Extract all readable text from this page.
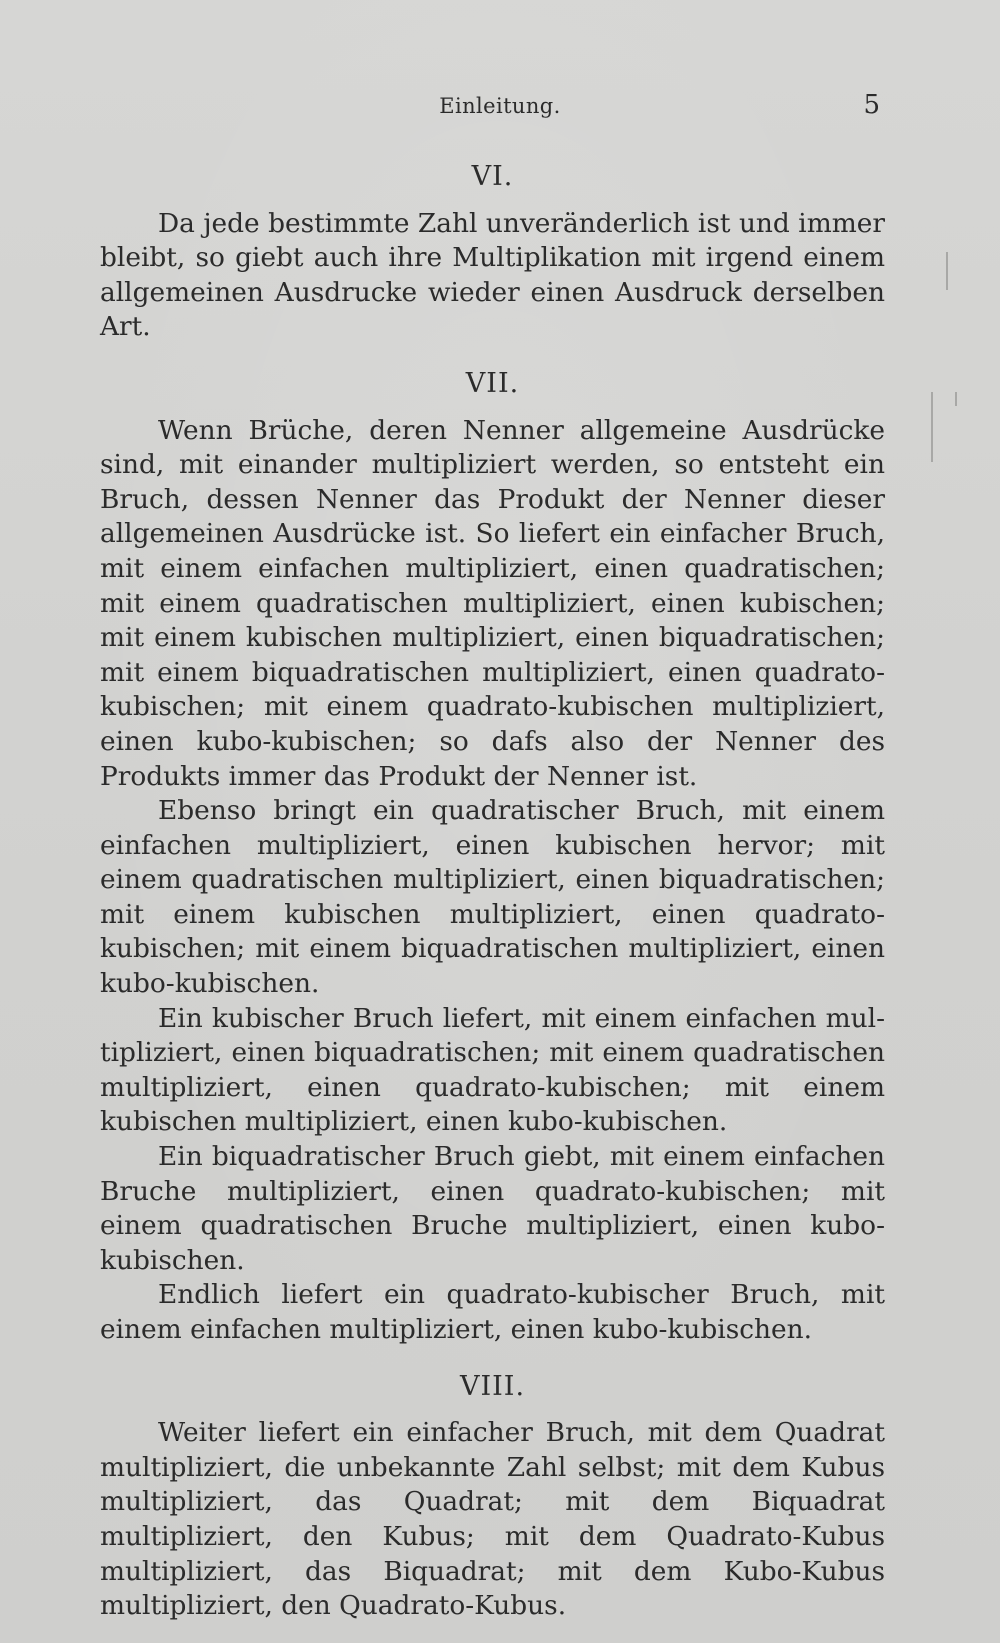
Einleitung.	5
VI.

Da jede bestimmte Zahl unveränderlich ist und immer bleibt, so giebt auch ihre Multiplikation mit irgend einem allgemeinen Ausdrucke wieder einen Ausdruck derselben Art.

VII.

Wenn Brüche, deren Nenner allgemeine Ausdrücke sind, mit einander multipliziert werden, so entsteht ein Bruch, dessen Nenner das Produkt der Nenner dieser allgemeinen Ausdrücke ist. So liefert ein einfacher Bruch, mit einem einfachen multipliziert, einen quadratischen; mit einem quadratischen multipliziert, einen kubischen; mit einem kubischen multipliziert, einen biquadratischen; mit einem biquadratischen multipliziert, einen quadrato-kubischen; mit einem quadrato-kubischen multipliziert, einen kubo-kubischen; so dafs also der Nenner des Produkts immer das Produkt der Nenner ist.

Ebenso bringt ein quadratischer Bruch, mit einem einfachen multipliziert, einen kubischen hervor; mit einem quadratischen multipliziert, einen biquadratischen; mit einem kubischen multipliziert, einen quadrato-kubischen; mit einem biquadratischen multipliziert, einen kubo-kubischen.

Ein kubischer Bruch liefert, mit einem einfachen multipliziert, einen biquadratischen; mit einem quadratischen multipliziert, einen quadrato-kubischen; mit einem kubischen multipliziert, einen kubo-kubischen.

Ein biquadratischer Bruch giebt, mit einem einfachen Bruche multipliziert, einen quadrato-kubischen; mit einem quadratischen Bruche multipliziert, einen kubo-kubischen.

Endlich liefert ein quadrato-kubischer Bruch, mit einem einfachen multipliziert, einen kubo-kubischen.

VIII.

Weiter liefert ein einfacher Bruch, mit dem Quadrat multipliziert, die unbekannte Zahl selbst; mit dem Kubus multipliziert, das Quadrat; mit dem Biquadrat multipliziert, den Kubus; mit dem Quadrato-Kubus multipliziert, das Biquadrat; mit dem Kubo-Kubus multipliziert, den Quadrato-Kubus.
